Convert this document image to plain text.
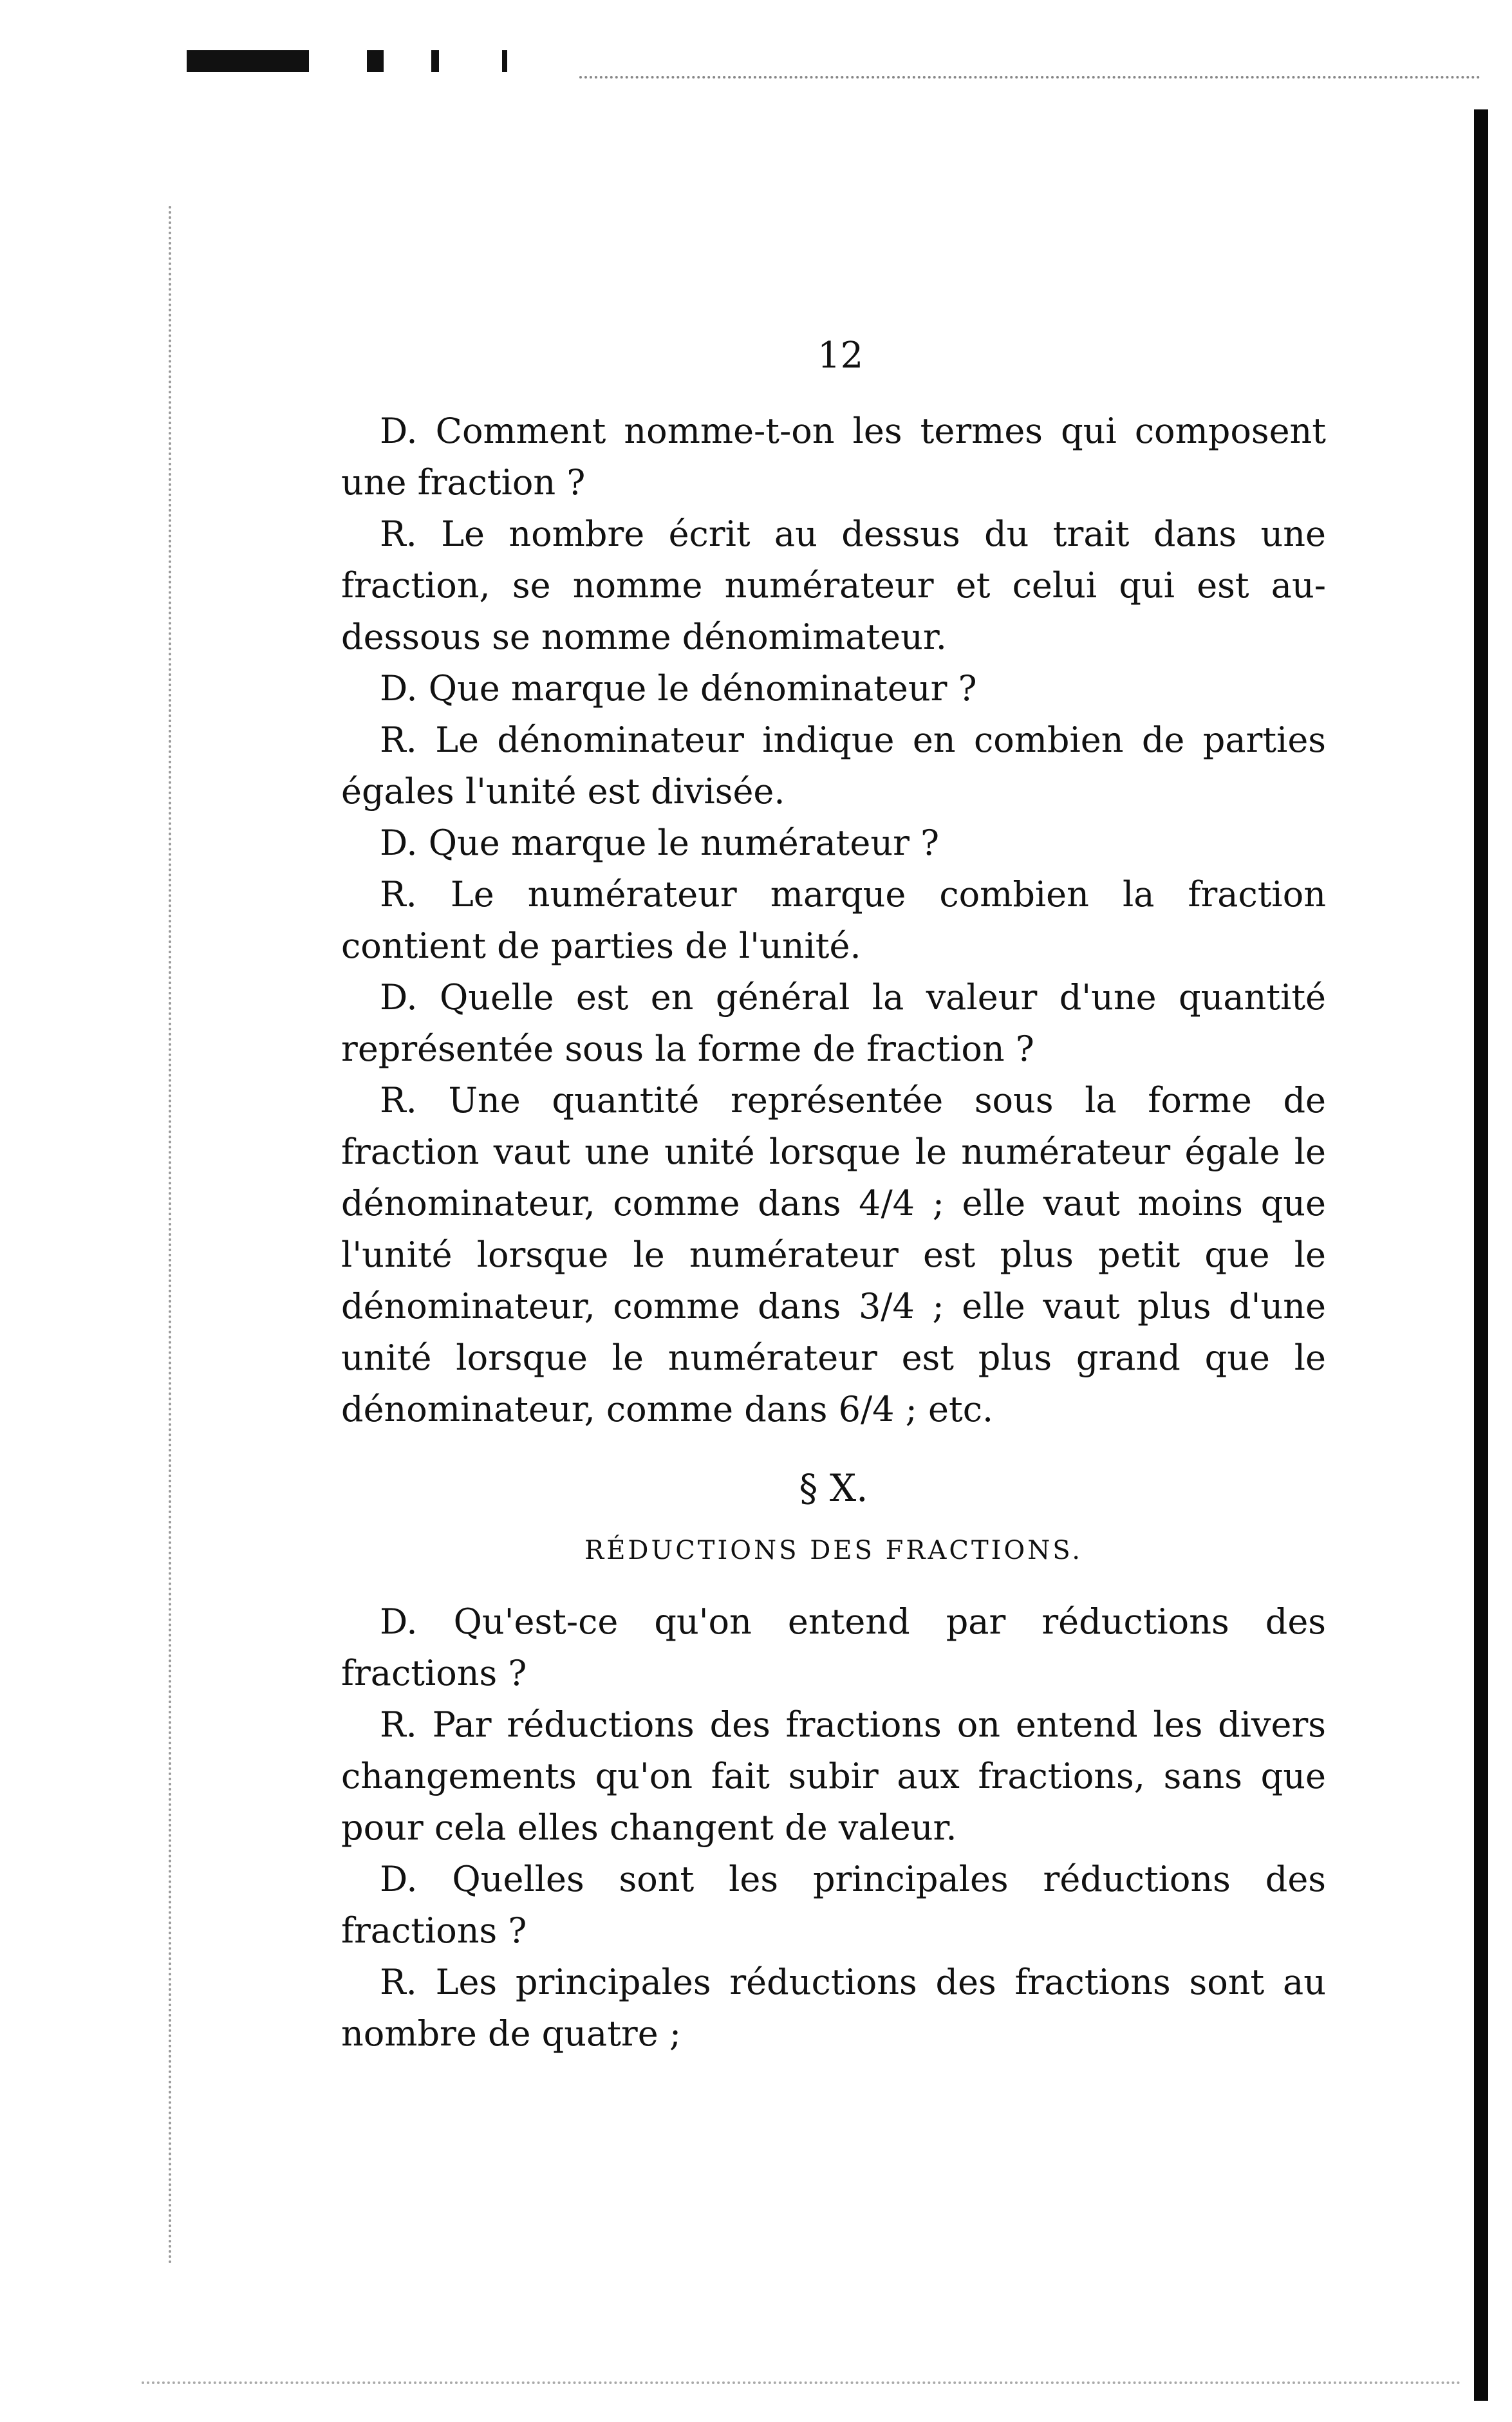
12

D. Comment nomme-t-on les termes qui composent une fraction ?

R. Le nombre écrit au dessus du trait dans une fraction, se nomme numérateur et celui qui est au-dessous se nomme dénomimateur.

D. Que marque le dénominateur ?

R. Le dénominateur indique en combien de parties égales l'unité est divisée.

D. Que marque le numérateur ?

R. Le numérateur marque combien la fraction contient de parties de l'unité.

D. Quelle est en général la valeur d'une quantité représentée sous la forme de fraction ?

R. Une quantité représentée sous la forme de fraction vaut une unité lorsque le numérateur égale le dénominateur, comme dans 4/4 ; elle vaut moins que l'unité lorsque le numérateur est plus petit que le dénominateur, comme dans 3/4 ; elle vaut plus d'une unité lorsque le numérateur est plus grand que le dénominateur, comme dans 6/4 ; etc.

§ X.
RÉDUCTIONS DES FRACTIONS.

D. Qu'est-ce qu'on entend par réductions des fractions ?

R. Par réductions des fractions on entend les divers changements qu'on fait subir aux fractions, sans que pour cela elles changent de valeur.

D. Quelles sont les principales réductions des fractions ?

R. Les principales réductions des fractions sont au nombre de quatre ;
